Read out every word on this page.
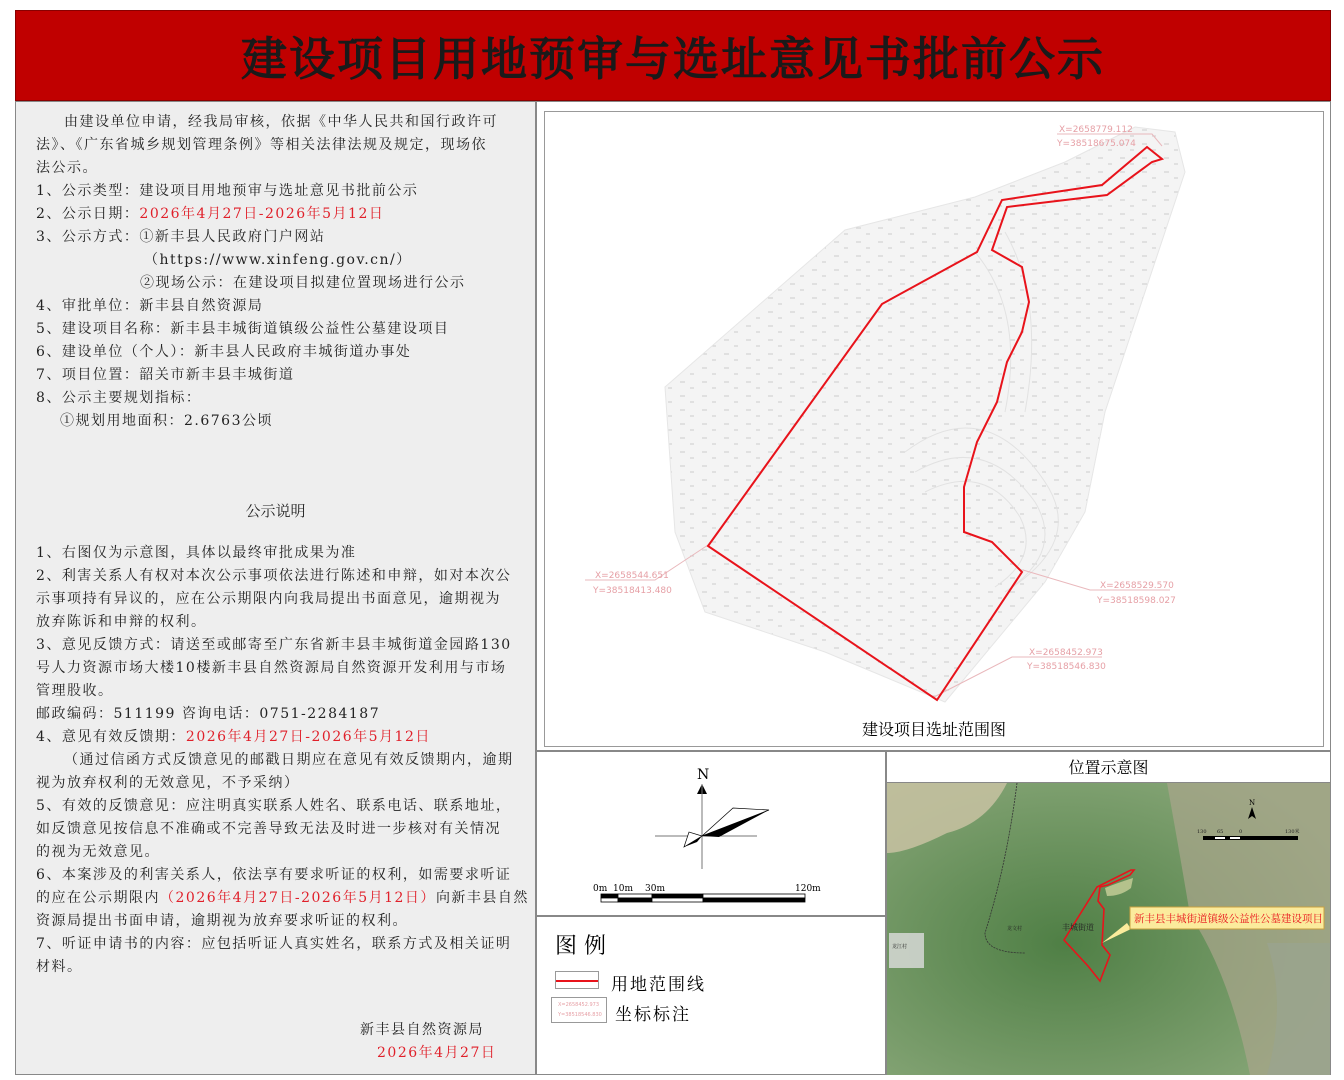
建设项目用地预审与选址意见书批前公示
由建设单位申请，经我局审核，依据《中华人民共和国行政许可
法》、《广东省城乡规划管理条例》等相关法律法规及规定，现场依
法公示。
1、公示类型：建设项目用地预审与选址意见书批前公示
2、公示日期：2026年4月27日-2026年5月12日
3、公示方式：①新丰县人民政府门户网站
（https://www.xinfeng.gov.cn/）
②现场公示：在建设项目拟建位置现场进行公示
4、审批单位：新丰县自然资源局
5、建设项目名称：新丰县丰城街道镇级公益性公墓建设项目
6、建设单位（个人）：新丰县人民政府丰城街道办事处
7、项目位置：韶关市新丰县丰城街道
8、公示主要规划指标：
①规划用地面积：2.6763公顷
公示说明
1、右图仅为示意图，具体以最终审批成果为准
2、利害关系人有权对本次公示事项依法进行陈述和申辩，如对本次公
示事项持有异议的，应在公示期限内向我局提出书面意见，逾期视为
放弃陈诉和申辩的权利。
3、意见反馈方式：请送至或邮寄至广东省新丰县丰城街道金园路130
号人力资源市场大楼10楼新丰县自然资源局自然资源开发利用与市场
管理股收。
邮政编码：511199 咨询电话：0751-2284187
4、意见有效反馈期：2026年4月27日-2026年5月12日
（通过信函方式反馈意见的邮戳日期应在意见有效反馈期内，逾期
视为放弃权利的无效意见，不予采纳）
5、有效的反馈意见：应注明真实联系人姓名、联系电话、联系地址，
如反馈意见按信息不准确或不完善导致无法及时进一步核对有关情况
的视为无效意见。
6、本案涉及的利害关系人，依法享有要求听证的权利，如需要求听证
的应在公示期限内（2026年4月27日-2026年5月12日）向新丰县自然
资源局提出书面申请，逾期视为放弃要求听证的权利。
7、听证申请书的内容：应包括听证人真实姓名，联系方式及相关证明
材料。
新丰县自然资源局
2026年4月27日
X=2658779.112
Y=38518675.074
X=2658544.651
Y=38518413.480	X=2658529.570
Y=38518598.027
X=2658452.973
Y=38518546.830
建设项目选址范围图
N
0m 10m 30m	120m
图 例
用地范围线
X=2658452.973
Y=38518546.830 坐标标注
位置示意图
龙文村	丰城街道
龙江村
新丰县丰城街道镇级公益性公墓建设项目
N
130 65	0	130米
